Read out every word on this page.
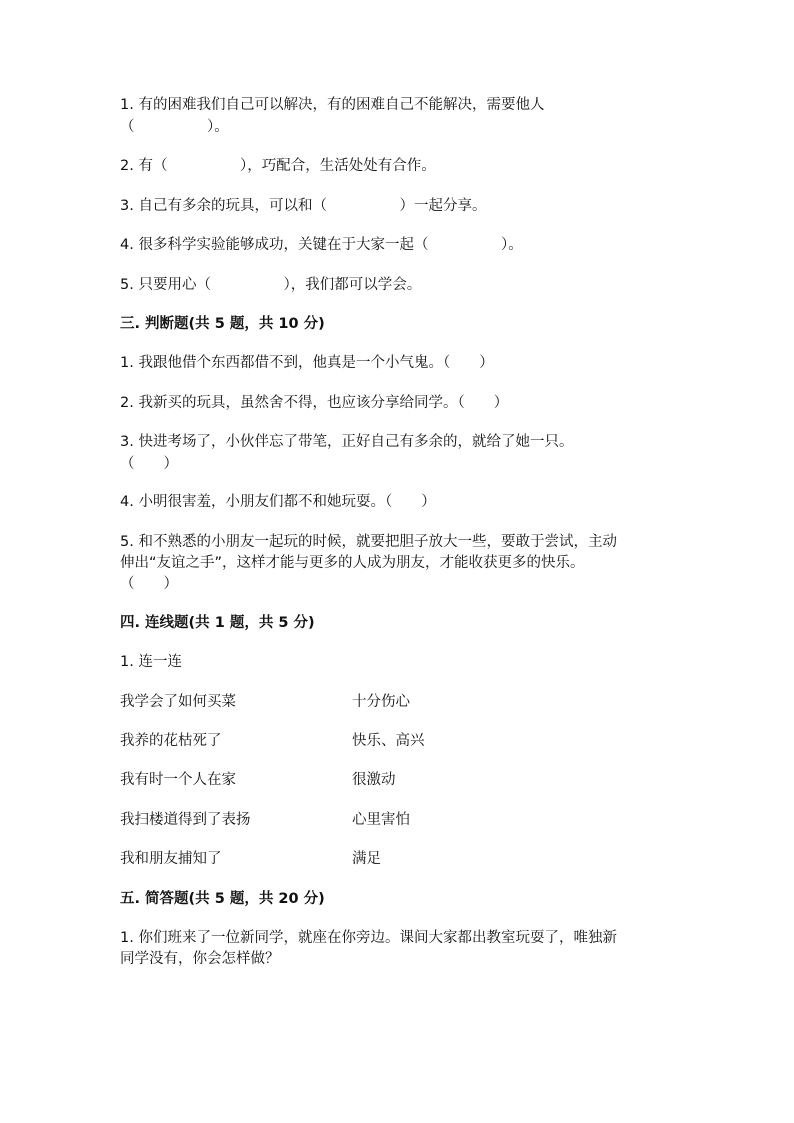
1. 有的困难我们自己可以解决，有的困难自己不能解决，需要他人
（　　　　　）。
2. 有（　　　　　），巧配合，生活处处有合作。
3. 自己有多余的玩具，可以和（　　　　　）一起分享。
4. 很多科学实验能够成功，关键在于大家一起（　　　　　）。
5. 只要用心（　　　　　），我们都可以学会。
三. 判断题(共 5 题，共 10 分)
1. 我跟他借个东西都借不到，他真是一个小气鬼。（　　）
2. 我新买的玩具，虽然舍不得，也应该分享给同学。（　　）
3. 快进考场了，小伙伴忘了带笔，正好自己有多余的，就给了她一只。
（　　）
4. 小明很害羞，小朋友们都不和她玩耍。（　　）
5. 和不熟悉的小朋友一起玩的时候，就要把胆子放大一些，要敢于尝试，主动
伸出“友谊之手”，这样才能与更多的人成为朋友，才能收获更多的快乐。
（　　）
四. 连线题(共 1 题，共 5 分)
1. 连一连
我学会了如何买菜	十分伤心
我养的花枯死了	快乐、高兴
我有时一个人在家	很激动
我扫楼道得到了表扬	心里害怕
我和朋友捕知了	满足
五. 简答题(共 5 题，共 20 分)
1. 你们班来了一位新同学，就座在你旁边。课间大家都出教室玩耍了，唯独新
同学没有，你会怎样做？
